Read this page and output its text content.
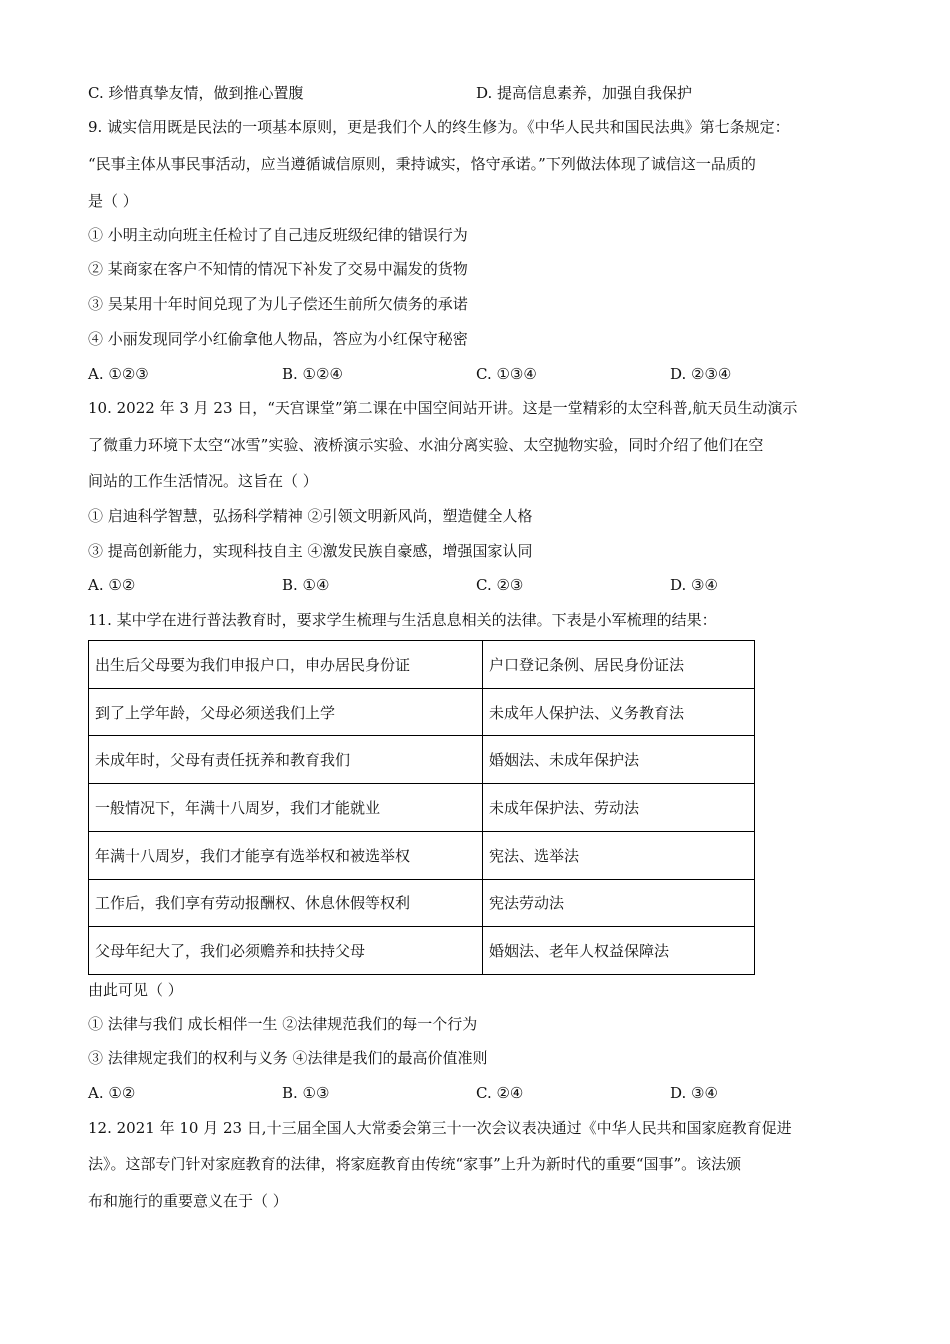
C. 珍惜真挚友情，做到推心置腹	D. 提高信息素养，加强自我保护
9. 诚实信用既是民法的一项基本原则，更是我们个人的终生修为。《中华人民共和国民法典》第七条规定：
“民事主体从事民事活动，应当遵循诚信原则，秉持诚实，恪守承诺。”下列做法体现了诚信这一品质的
是（ ）
① 小明主动向班主任检讨了自己违反班级纪律的错误行为
② 某商家在客户不知情的情况下补发了交易中漏发的货物
③ 吴某用十年时间兑现了为儿子偿还生前所欠债务的承诺
④ 小丽发现同学小红偷拿他人物品，答应为小红保守秘密
A. ①②③	B. ①②④	C. ①③④	D. ②③④
10. 2022 年 3 月 23 日，“天宫课堂”第二课在中国空间站开讲。这是一堂精彩的太空科普,航天员生动演示
了微重力环境下太空“冰雪”实验、液桥演示实验、水油分离实验、太空抛物实验，同时介绍了他们在空
间站的工作生活情况。这旨在（ ）
① 启迪科学智慧，弘扬科学精神 ②引领文明新风尚，塑造健全人格
③ 提高创新能力，实现科技自主 ④激发民族自豪感，增强国家认同
A. ①②	B. ①④	C. ②③	D. ③④
11. 某中学在进行普法教育时，要求学生梳理与生活息息相关的法律。下表是小军梳理的结果：
出生后父母要为我们申报户口，申办居民身份证	户口登记条例、居民身份证法
到了上学年龄，父母必须送我们上学	未成年人保护法、义务教育法
未成年时，父母有责任抚养和教育我们	婚姻法、未成年保护法
一般情况下，年满十八周岁，我们才能就业	未成年保护法、劳动法
年满十八周岁，我们才能享有选举权和被选举权	宪法、选举法
工作后，我们享有劳动报酬权、休息休假等权利	宪法劳动法
父母年纪大了，我们必须赡养和扶持父母	婚姻法、老年人权益保障法
由此可见（ ）
① 法律与我们 成长相伴一生 ②法律规范我们的每一个行为
③ 法律规定我们的权利与义务 ④法律是我们的最高价值准则
A. ①②	B. ①③	C. ②④	D. ③④
12. 2021 年 10 月 23 日,十三届全国人大常委会第三十一次会议表决通过《中华人民共和国家庭教育促进
法》。这部专门针对家庭教育的法律，将家庭教育由传统“家事”上升为新时代的重要“国事”。该法颁
布和施行的重要意义在于（ ）
